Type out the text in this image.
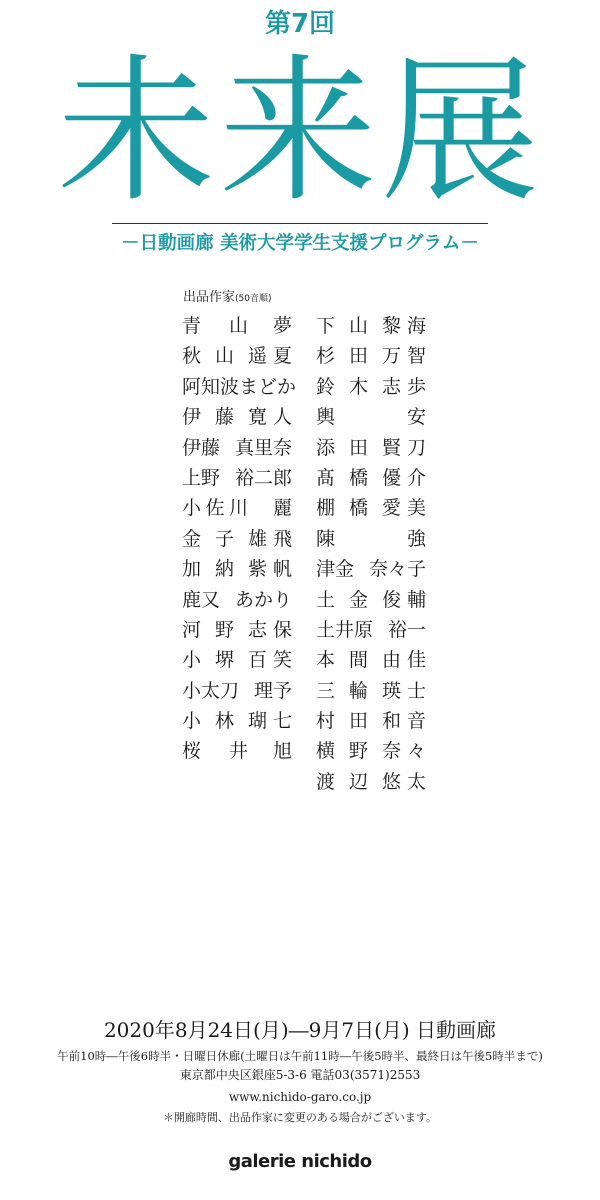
第7回
未来展
－日動画廊 美術大学学生支援プログラム－
出品作家(50音順)
青 山 夢
秋 山 遥 夏
阿知波 まどか
伊 藤 寛 人
伊藤 真里奈
上野 裕二郎
小 佐 川 麗
金 子 雄 飛
加 納 紫 帆
鹿又 あかり
河 野 志 保
小 堺 百 笑
小太刀 理予
小 林 瑚 七
桜 井 旭
下 山 黎 海
杉 田 万 智
鈴 木 志 歩
輿	安
添 田 賢 刀
髙 橋 優 介
棚 橋 愛 美
陳	強
津金 奈々子
土 金 俊 輔
土井原 裕一
本 間 由 佳
三 輪 瑛 士
村 田 和 音
横 野 奈 々
渡 辺 悠 太
2020年8月24日(月)―9月7日(月) 日動画廊
午前10時―午後6時半・日曜日休廊(土曜日は午前11時―午後5時半、最終日は午後5時半まで)
東京都中央区銀座5-3-6 電話03(3571)2553
www.nichido-garo.co.jp
＊開廊時間、出品作家に変更のある場合がございます。
galerie nichido
